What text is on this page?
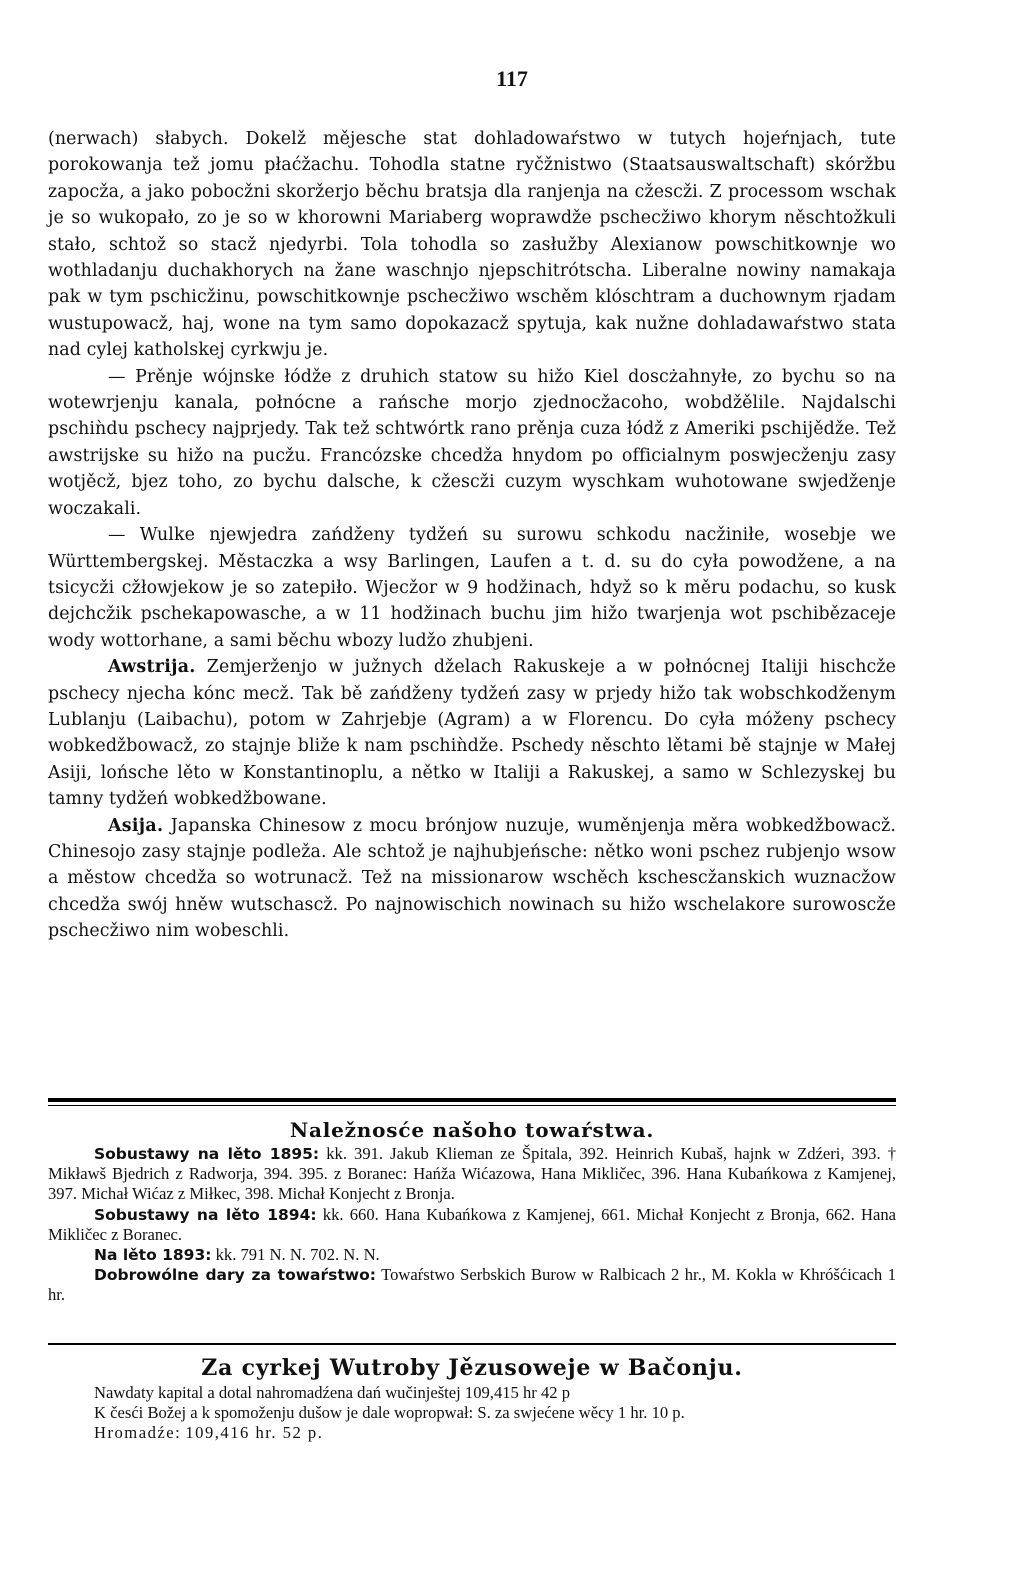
117

(nerwach) słabych. Dokelž mějesche stat dohladowaŕstwo w tutych hojeŕnjach, tute porokowanja tež jomu płaćžachu. Tohodla statne ryčžnistwo (Staatsauswaltschaft) skóržbu zapocža, a jako pobocžni skoržerjo běchu bratsja dla ranjenja na cžescži. Z processom wschak je so wukopało, zo je so w khorowni Mariaberg woprawdže pschecžiwo khorym něschtožkuli stało, schtož so stacž njedyrbi. Tola tohodla so zasłužby Alexianow powschitkownje wo wothladanju duchakhorych na žane waschnjo njepschitrótscha. Liberalne nowiny namakaja pak w tym pschicžinu, powschitkownje pschecžiwo wschěm klóschtram a duchownym rjadam wustupowacž, haj, wone na tym samo dopokazacž spytuja, kak nužne dohladawaŕstwo stata nad cylej katholskej cyrkwju je.

— Prěnje wójnske łódže z druhich statow su hižo Kiel doscżahnyłe, zo bychu so na wotewrjenju kanala, połnócne a rańsche morjo zjednocžacoho, wobdžělile. Najdalschi pschiǹdu pschecy najprjedy. Tak tež schtwórtk rano prěnja cuza łódž z Ameriki pschijědže. Tež awstrijske su hižo na pucžu. Francózske chcedža hnydom po officialnym poswjecženju zasy wotjěcž, bjez toho, zo bychu dalsche, k cžescži cuzym wyschkam wuhotowane swjedženje woczakali.

— Wulke njewjedra zańdženy tydžeń su surowu schkodu nacžiniłe, wosebje we Württembergskej. Městaczka a wsy Barlingen, Laufen a t. d. su do cyła powodžene, a na tsicycži cžłowjekow je so zatepiło. Wjecžor w 9 hodžinach, hdyž so k měru podachu, so kusk dejchcžik pschekapowasche, a w 11 hodžinach buchu jim hižo twarjenja wot pschibězaceje wody wottorhane, a sami běchu wbozy ludžo zhubjeni.

Awstrija. Zemjerženjo w južnych dželach Rakuskeje a w połnócnej Italiji hischcže pschecy njecha kónc mecž. Tak bě zańdženy tydžeń zasy w prjedy hižo tak wobschkodženym Lublanju (Laibachu), potom w Zahrjebje (Agram) a w Florencu. Do cyła móženy pschecy wobkedžbowacž, zo stajnje bliže k nam pschiǹdže. Pschedy něschto lětami bě stajnje w Małej Asiji, lońsche lěto w Konstantinoplu, a nětko w Italiji a Rakuskej, a samo w Schlezyskej bu tamny tydžeń wobkedžbowane.

Asija. Japanska Chinesow z mocu brónjow nuzuje, wuměnjenja měra wobkedžbowacž. Chinesojo zasy stajnje podleža. Ale schtož je najhubjeńsche: nětko woni pschez rubjenjo wsow a městow chcedža so wotrunacž. Tež na missionarow wschěch kschescžanskich wuznacžow chcedža swój hněw wutschascž. Po najnowischich nowinach su hižo wschelakore surowoscže pschecžiwo nim wobeschli.

Naležnosće našoho towaŕstwa.

Sobustawy na lěto 1895: kk. 391. Jakub Klieman ze Špitala, 392. Heinrich Kubaš, hajnk w Zdźeri, 393. † Mikławš Bjedrich z Radworja, 394. 395. z Boranec: Hańža Wićazowa, Hana Mikličec, 396. Hana Kubańkowa z Kamjenej, 397. Michał Wićaz z Miłkec, 398. Michał Konjecht z Bronja.

Sobustawy na lěto 1894: kk. 660. Hana Kubańkowa z Kamjenej, 661. Michał Konjecht z Bronja, 662. Hana Mikličec z Boranec.

Na lěto 1893: kk. 791 N. N. 702. N. N.

Dobrowólne dary za towaŕstwo: Towaŕstwo Serbskich Burow w Ralbicach 2 hr., M. Kokla w Khróšćicach 1 hr.

Za cyrkej Wutroby Jězusoweje w Bačonju.

Nawdaty kapital a dotal nahromadźena dań wučinještej 109,415 hr 42 p

K česći Božej a k spomoženju dušow je dale wopropwał: S. za swjećene wěcy 1 hr. 10 p.

Hromadźe: 109,416 hr. 52 p.
